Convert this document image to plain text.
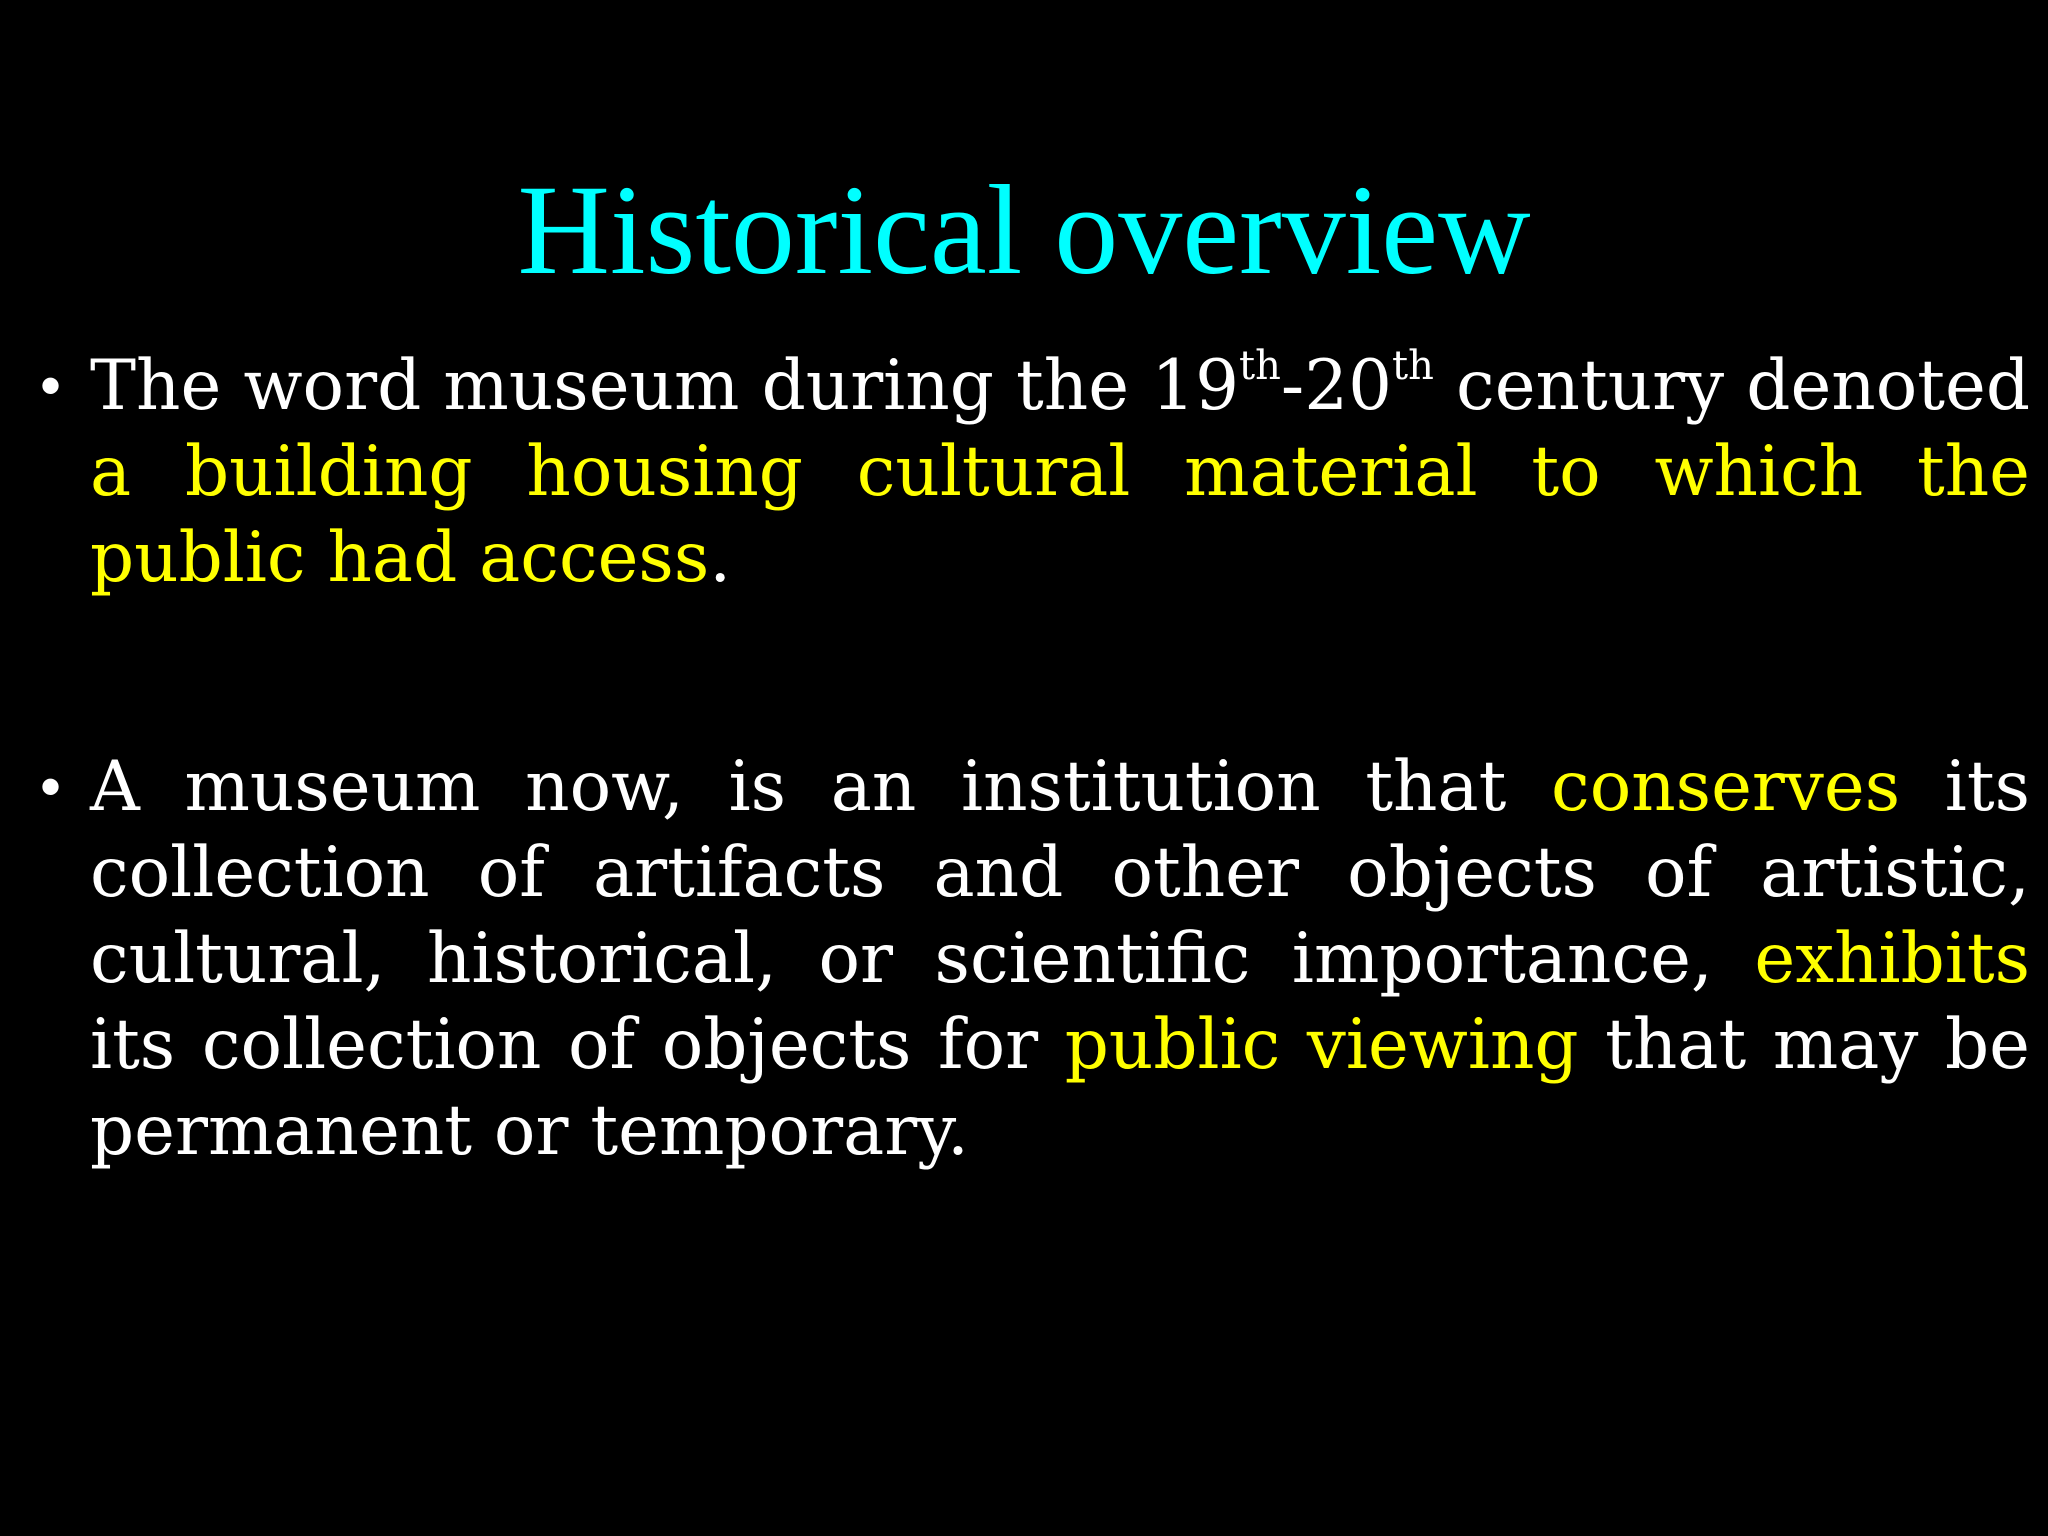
Historical overview
• The word museum during the 19th-20th century denoted a building housing cultural material to which the public had access.
• A museum now, is an institution that conserves its collection of artifacts and other objects of artistic, cultural, historical, or scientific importance, exhibits its collection of objects for public viewing that may be permanent or temporary.
